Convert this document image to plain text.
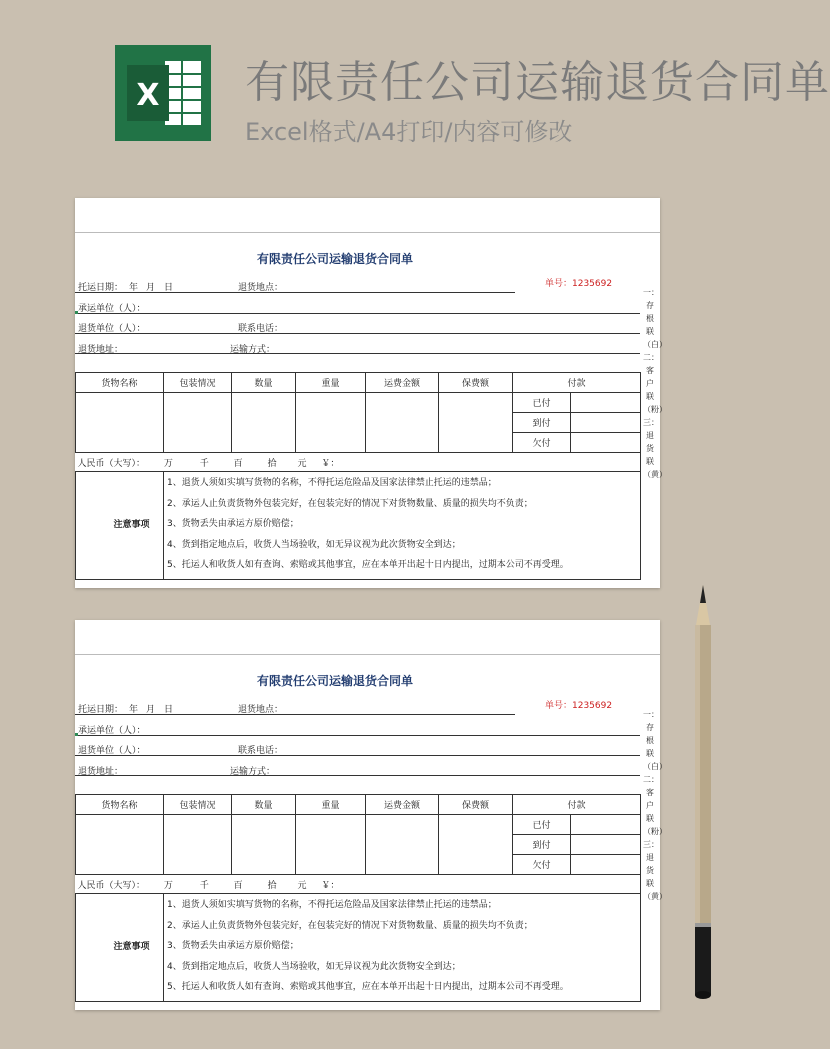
X 有限责任公司运输退货合同单
Excel格式/A4打印/内容可修改
有限责任公司运输退货合同单
托运日期： 年 月 日	退货地点：	单号：1235692
承运单位（人）：
退货单位（人）：	联系电话：
退货地址：	运输方式：
货物名称	包装情况	数量	重量	运费金额	保费额	付款	
						已付	
						到付	
						欠付	
人民币（大写）： 万 千 百 拾 元 ￥：							

注意事项	1、退货人须如实填写货物的名称，不得托运危险品及国家法律禁止托运的违禁品；
2、承运人止负责货物外包装完好，在包装完好的情况下对货物数量、质量的损失均不负责；
3、货物丢失由承运方原价赔偿；
4、货到指定地点后，收货人当场验收，如无异议视为此次货物安全到达；
5、托运人和收货人如有查询、索赔或其他事宜，应在本单开出起十日内提出，过期本公司不再受理。						
一：存根联（白）二：客户联（粉）三：退货联（黄）
有限责任公司运输退货合同单
托运日期： 年 月 日	退货地点：	单号：1235692
承运单位（人）：
退货单位（人）：	联系电话：
退货地址：	运输方式：
货物名称	包装情况	数量	重量	运费金额	保费额	付款	
						已付	
						到付	
						欠付	
人民币（大写）： 万 千 百 拾 元 ￥：							

注意事项	1、退货人须如实填写货物的名称，不得托运危险品及国家法律禁止托运的违禁品；
2、承运人止负责货物外包装完好，在包装完好的情况下对货物数量、质量的损失均不负责；
3、货物丢失由承运方原价赔偿；
4、货到指定地点后，收货人当场验收，如无异议视为此次货物安全到达；
5、托运人和收货人如有查询、索赔或其他事宜，应在本单开出起十日内提出，过期本公司不再受理。						
一：存根联（白）二：客户联（粉）三：退货联（黄）
